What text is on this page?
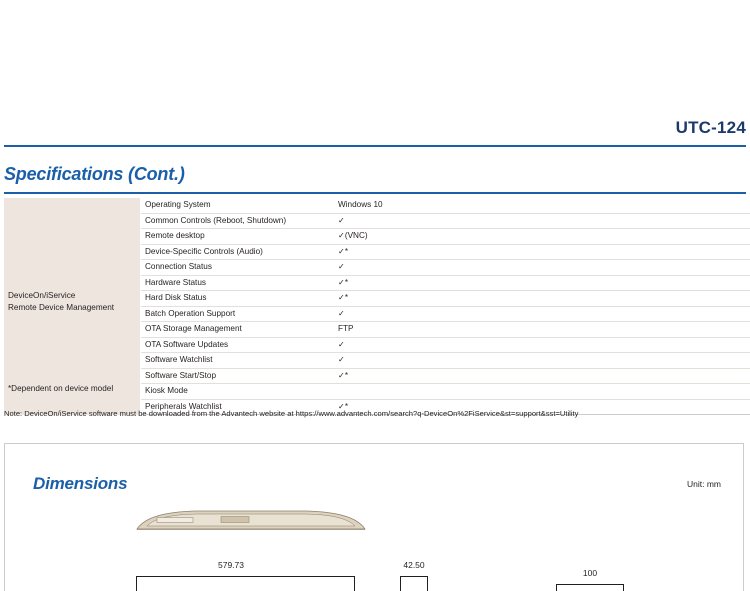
UTC-124
Specifications (Cont.)
DeviceOn/iService
Remote Device Management
*Dependent on device model	Operating System	Windows 10
	Common Controls (Reboot, Shutdown)	✓
	Remote desktop	✓(VNC)
	Device-Specific Controls (Audio)	✓*
	Connection Status	✓
	Hardware Status	✓*
	Hard Disk Status	✓*
	Batch Operation Support	✓
	OTA Storage Management	FTP
	OTA Software Updates	✓
	Software Watchlist	✓
	Software Start/Stop	✓*
	Kiosk Mode	
	Peripherals Watchlist	✓*
Note: DeviceOn/iService software must be downloaded from the Advantech website at https://www.advantech.com/search?q-DeviceOn%2FiService&st=support&sst=Utility
Dimensions	Unit: mm
579.73	42.50
100
